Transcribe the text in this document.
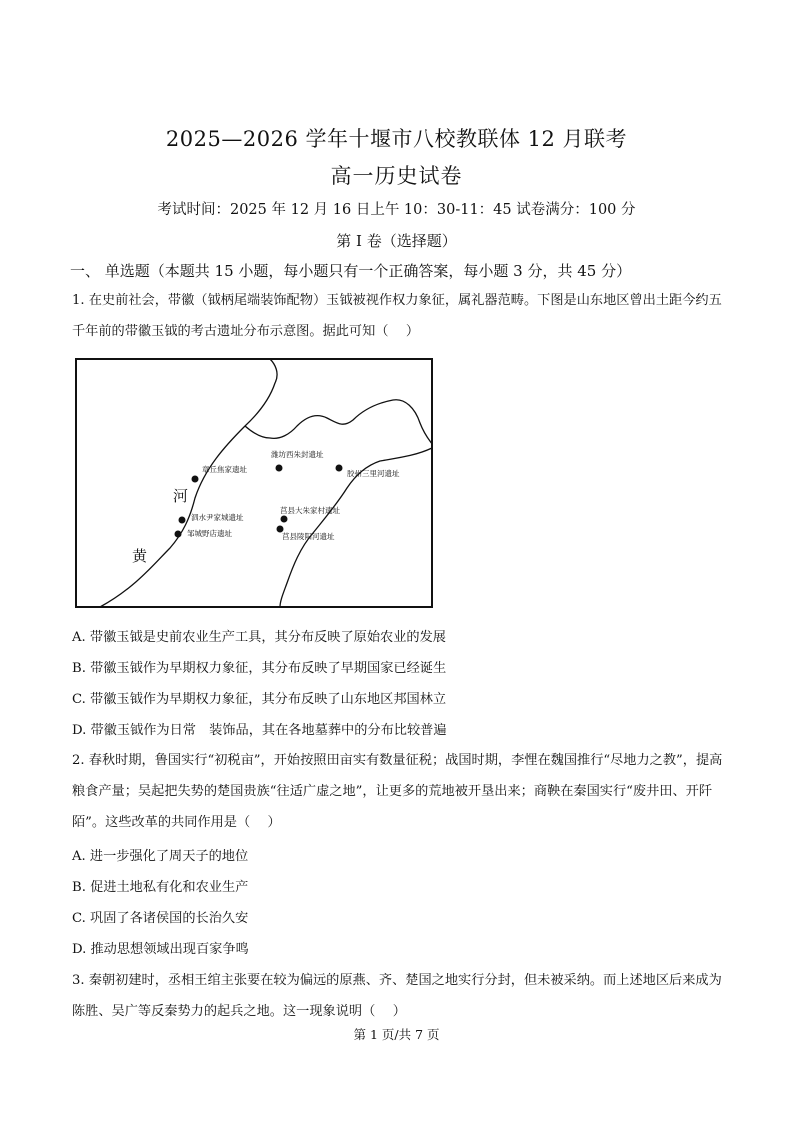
2025—2026 学年十堰市八校教联体 12 月联考
高一历史试卷
考试时间：2025 年 12 月 16 日上午 10：30-11：45 试卷满分：100 分
第 I 卷（选择题）
一、 单选题（本题共 15 小题，每小题只有一个正确答案，每小题 3 分，共 45 分）
1. 在史前社会，带徽（钺柄尾端装饰配物）玉钺被视作权力象征，属礼器范畴。下图是山东地区曾出土距今约五千年前的带徽玉钺的考古遗址分布示意图。据此可知（　 ）
章丘焦家遗址
潍坊西朱封遗址
胶州三里河遗址
莒县大朱家村遗址
莒县陵阳河遗址
泗水尹家城遗址
邹城野店遗址
河
黄
A. 带徽玉钺是史前农业生产工具，其分布反映了原始农业的发展
B. 带徽玉钺作为早期权力象征，其分布反映了早期国家已经诞生
C. 带徽玉钺作为早期权力象征，其分布反映了山东地区邦国林立
D. 带徽玉钺作为日常　装饰品，其在各地墓葬中的分布比较普遍
2. 春秋时期，鲁国实行“初税亩”，开始按照田亩实有数量征税；战国时期，李悝在魏国推行“尽地力之教”，提高粮食产量；吴起把失势的楚国贵族“往适广虚之地”，让更多的荒地被开垦出来；商鞅在秦国实行“废井田、开阡陌”。这些改革的共同作用是（　 ）
A. 进一步强化了周天子的地位
B. 促进土地私有化和农业生产
C. 巩固了各诸侯国的长治久安
D. 推动思想领域出现百家争鸣
3. 秦朝初建时，丞相王绾主张要在较为偏远的原燕、齐、楚国之地实行分封，但未被采纳。而上述地区后来成为陈胜、吴广等反秦势力的起兵之地。这一现象说明（　 ）
第 1 页/共 7 页
